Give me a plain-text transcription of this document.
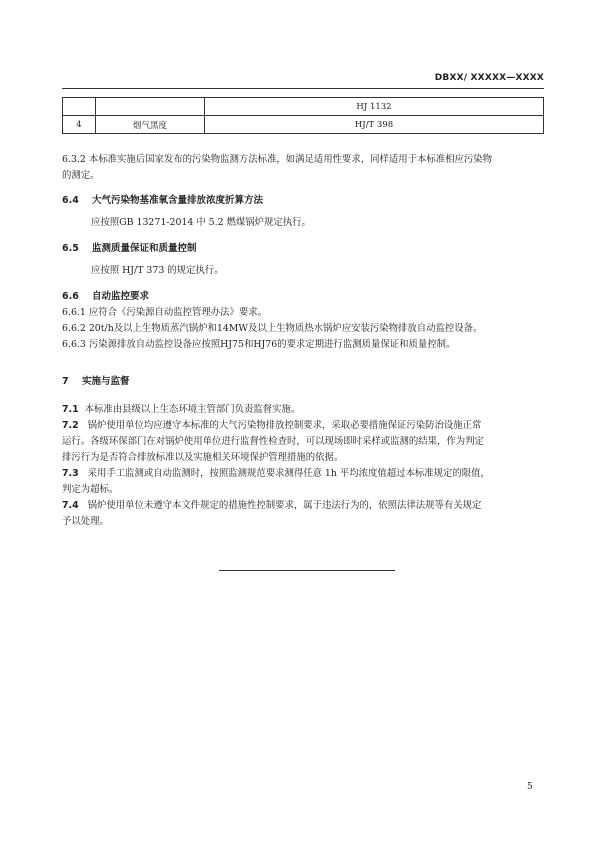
DBXX/ XXXXX—XXXX
		HJ 1132
4	烟气黑度	HJ/T 398

6.3.2 本标准实施后国家发布的污染物监测方法标准，如满足适用性要求，同样适用于本标准相应污染物
的测定。

6.4 大气污染物基准氧含量排放浓度折算方法
应按照GB 13271-2014 中 5.2 燃煤锅炉规定执行。
6.5 监测质量保证和质量控制
应按照 HJ/T 373 的规定执行。
6.6 自动监控要求
6.6.1 应符合《污染源自动监控管理办法》要求。
6.6.2 20t/h及以上生物质蒸汽锅炉和14MW及以上生物质热水锅炉应安装污染物排放自动监控设备。
6.6.3 污染源排放自动监控设备应按照HJ75和HJ76的要求定期进行监测质量保证和质量控制。
7 实施与监督
7.1 本标准由县级以上生态环境主管部门负责监督实施。
7.2 锅炉使用单位均应遵守本标准的大气污染物排放控制要求，采取必要措施保证污染防治设施正常
运行。各级环保部门在对锅炉使用单位进行监督性检查时，可以现场即时采样或监测的结果，作为判定
排污行为是否符合排放标准以及实施相关环境保护管理措施的依据。
7.3 采用手工监测或自动监测时，按照监测规范要求测得任意 1h 平均浓度值超过本标准规定的限值，
判定为超标。
7.4 锅炉使用单位未遵守本文件规定的措施性控制要求，属于违法行为的，依照法律法规等有关规定
予以处理。
5
